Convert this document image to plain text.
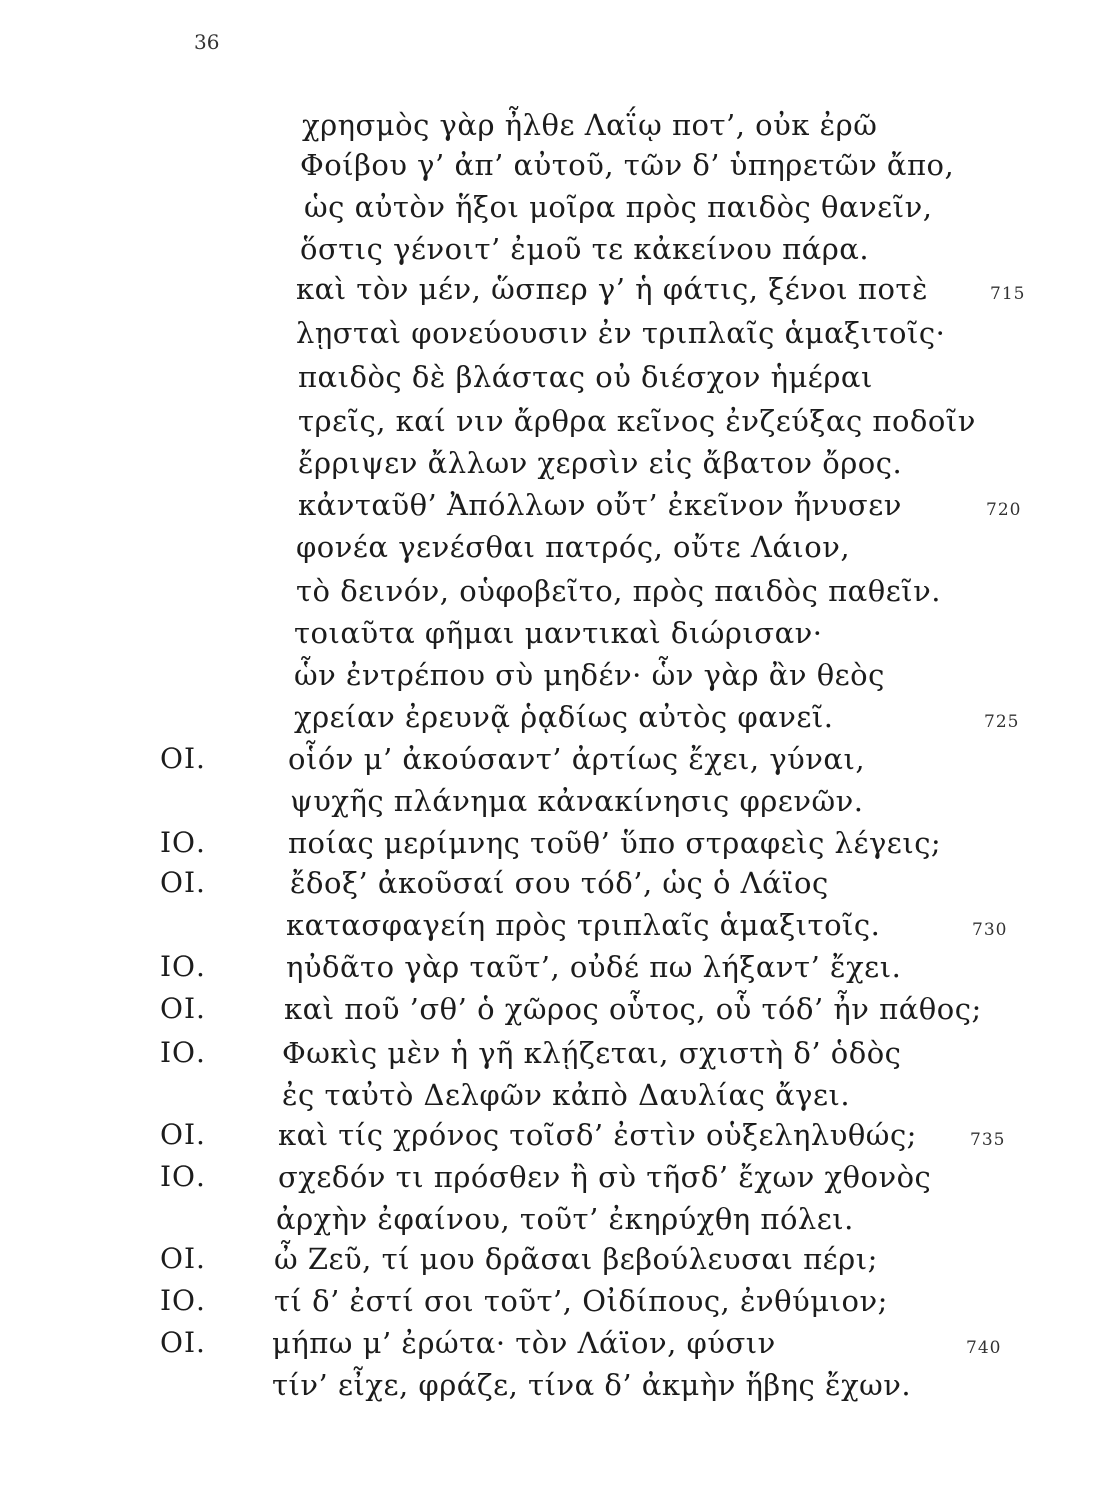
36
χρησμὸς γὰρ ἦλθε Λαΐῳ ποτ’, οὐκ ἐρῶ
Φοίβου γ’ ἀπ’ αὐτοῦ, τῶν δ’ ὑπηρετῶν ἄπο,
ὡς αὐτὸν ἥξοι μοῖρα πρὸς παιδὸς θανεῖν,
ὅστις γένοιτ’ ἐμοῦ τε κἀκείνου πάρα.
καὶ τὸν μέν, ὥσπερ γ’ ἡ φάτις, ξένοι ποτὲ	715
λῃσταὶ φονεύουσιν ἐν τριπλαῖς ἁμαξιτοῖς·
παιδὸς δὲ βλάστας οὐ διέσχον ἡμέραι
τρεῖς, καί νιν ἄρθρα κεῖνος ἐνζεύξας ποδοῖν
ἔρριψεν ἄλλων χερσὶν εἰς ἄβατον ὄρος.
κἀνταῦθ’ Ἀπόλλων οὔτ’ ἐκεῖνον ἤνυσεν	720
φονέα γενέσθαι πατρός, οὔτε Λάιον,
τὸ δεινόν, οὑφοβεῖτο, πρὸς παιδὸς παθεῖν.
τοιαῦτα φῆμαι μαντικαὶ διώρισαν·
ὧν ἐντρέπου σὺ μηδέν· ὧν γὰρ ἂν θεὸς
χρείαν ἐρευνᾷ ῥᾳδίως αὐτὸς φανεῖ.	725
ΟΙ.	οἷόν μ’ ἀκούσαντ’ ἀρτίως ἔχει, γύναι,
ψυχῆς πλάνημα κἀνακίνησις φρενῶν.
ΙΟ.	ποίας μερίμνης τοῦθ’ ὕπο στραφεὶς λέγεις;
ΟΙ.	ἔδοξ’ ἀκοῦσαί σου τόδ’, ὡς ὁ Λάϊος
κατασφαγείη πρὸς τριπλαῖς ἁμαξιτοῖς.	730
ΙΟ.	ηὐδᾶτο γὰρ ταῦτ’, οὐδέ πω λήξαντ’ ἔχει.
ΟΙ.	καὶ ποῦ ’σθ’ ὁ χῶρος οὗτος, οὗ τόδ’ ἦν πάθος;
ΙΟ.	Φωκὶς μὲν ἡ γῆ κλῄζεται, σχιστὴ δ’ ὁδὸς
ἐς ταὐτὸ Δελφῶν κἀπὸ Δαυλίας ἄγει.
ΟΙ. καὶ τίς χρόνος τοῖσδ’ ἐστὶν οὑξεληλυθώς;	735
ΙΟ. σχεδόν τι πρόσθεν ἢ σὺ τῆσδ’ ἔχων χθονὸς
ἀρχὴν ἐφαίνου, τοῦτ’ ἐκηρύχθη πόλει.
ΟΙ. ὦ Ζεῦ, τί μου δρᾶσαι βεβούλευσαι πέρι;
ΙΟ. τί δ’ ἐστί σοι τοῦτ’, Οἰδίπους, ἐνθύμιον;
ΟΙ. μήπω μ’ ἐρώτα· τὸν Λάϊον, φύσιν	740
τίν’ εἶχε, φράζε, τίνα δ’ ἀκμὴν ἥβης ἔχων.
